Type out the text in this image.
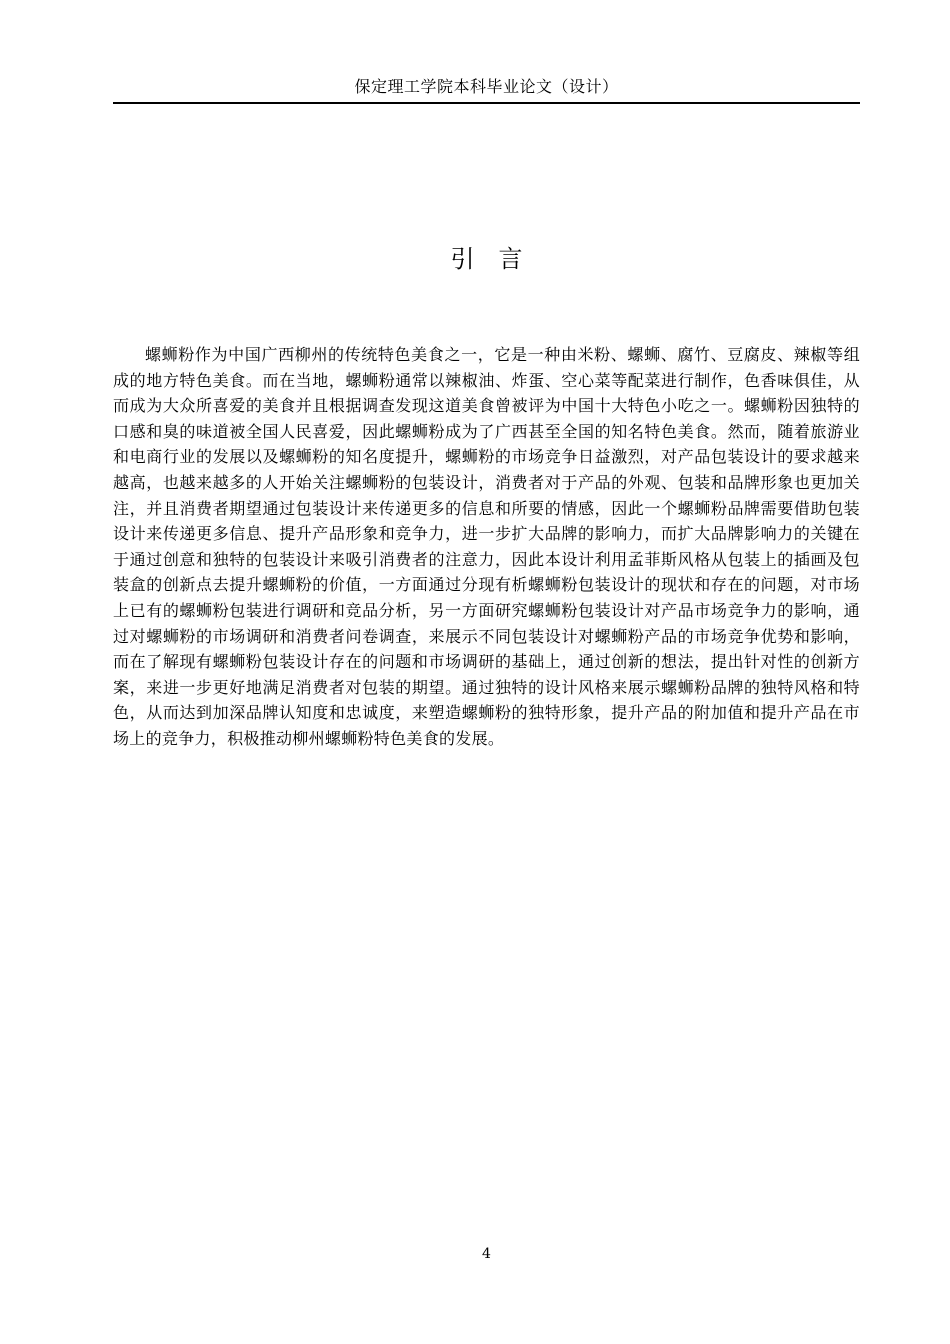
保定理工学院本科毕业论文（设计）
引言

螺蛳粉作为中国广西柳州的传统特色美食之一，它是一种由米粉、螺蛳、腐竹、豆腐皮、辣椒等组成的地方特色美食。而在当地，螺蛳粉通常以辣椒油、炸蛋、空心菜等配菜进行制作，色香味俱佳，从而成为大众所喜爱的美食并且根据调查发现这道美食曾被评为中国十大特色小吃之一。螺蛳粉因独特的口感和臭的味道被全国人民喜爱，因此螺蛳粉成为了广西甚至全国的知名特色美食。然而，随着旅游业和电商行业的发展以及螺蛳粉的知名度提升，螺蛳粉的市场竞争日益激烈，对产品包装设计的要求越来越高，也越来越多的人开始关注螺蛳粉的包装设计，消费者对于产品的外观、包装和品牌形象也更加关注，并且消费者期望通过包装设计来传递更多的信息和所要的情感，因此一个螺蛳粉品牌需要借助包装设计来传递更多信息、提升产品形象和竞争力，进一步扩大品牌的影响力，而扩大品牌影响力的关键在于通过创意和独特的包装设计来吸引消费者的注意力，因此本设计利用孟菲斯风格从包装上的插画及包装盒的创新点去提升螺蛳粉的价值，一方面通过分现有析螺蛳粉包装设计的现状和存在的问题，对市场上已有的螺蛳粉包装进行调研和竞品分析，另一方面研究螺蛳粉包装设计对产品市场竞争力的影响，通过对螺蛳粉的市场调研和消费者问卷调查，来展示不同包装设计对螺蛳粉产品的市场竞争优势和影响，而在了解现有螺蛳粉包装设计存在的问题和市场调研的基础上，通过创新的想法，提出针对性的创新方案，来进一步更好地满足消费者对包装的期望。通过独特的设计风格来展示螺蛳粉品牌的独特风格和特色，从而达到加深品牌认知度和忠诚度，来塑造螺蛳粉的独特形象，提升产品的附加值和提升产品在市场上的竞争力，积极推动柳州螺蛳粉特色美食的发展。

4
